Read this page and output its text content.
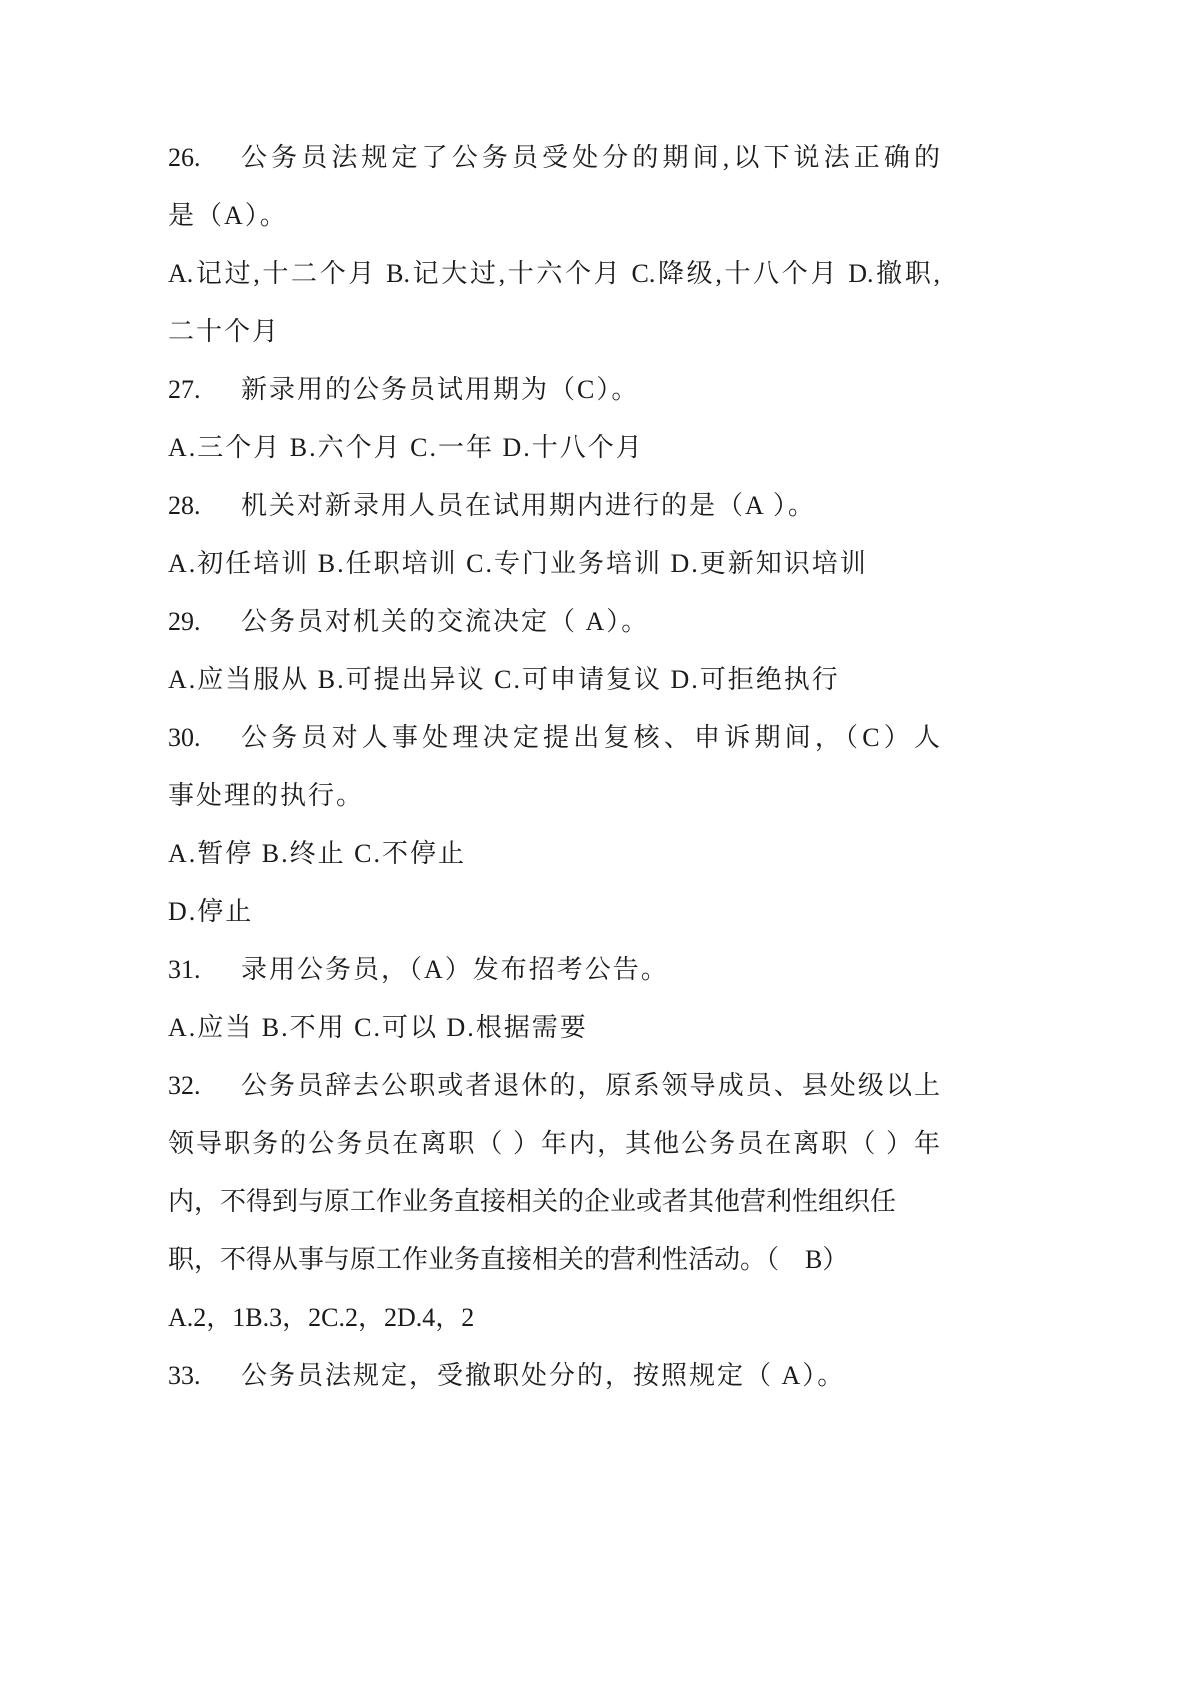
26.	公务员法规定了公务员受处分的期间,以下说法正确的
是（A）。
A.记过,十二个月 B.记大过,十六个月 C.降级,十八个月 D.撤职,
二十个月
27.	新录用的公务员试用期为（C）。
A.三个月 B.六个月 C.一年 D.十八个月
28.	机关对新录用人员在试用期内进行的是（A ）。
A.初任培训 B.任职培训 C.专门业务培训 D.更新知识培训
29.	公务员对机关的交流决定（ A）。
A.应当服从 B.可提出异议 C.可申请复议 D.可拒绝执行
30.	公务员对人事处理决定提出复核、申诉期间，（C）人
事处理的执行。
A.暂停 B.终止 C.不停止
D.停止
31.	录用公务员，（A）发布招考公告。
A.应当 B.不用 C.可以 D.根据需要
32.	公务员辞去公职或者退休的，原系领导成员、县处级以上
领导职务的公务员在离职（ ）年内，其他公务员在离职（ ）年
内，不得到与原工作业务直接相关的企业或者其他营利性组织任
职，不得从事与原工作业务直接相关的营利性活动。（　B）
A.2，1B.3，2C.2，2D.4，2
33.	公务员法规定，受撤职处分的，按照规定（ A）。
